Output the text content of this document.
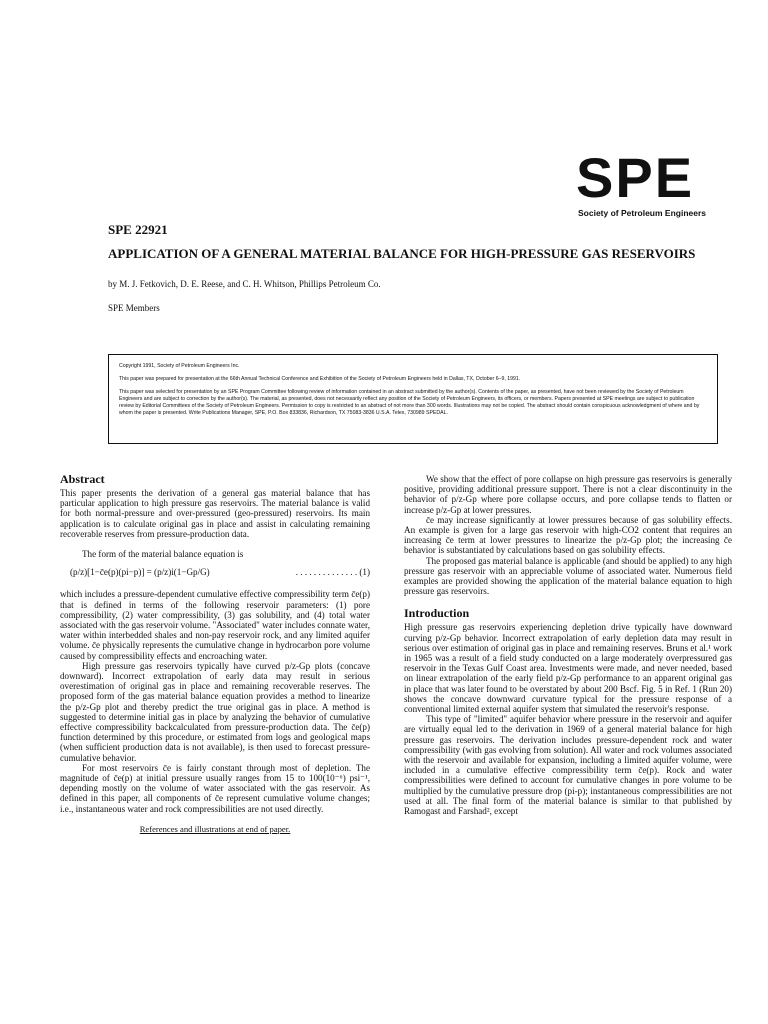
SPE
Society of Petroleum Engineers
SPE 22921
APPLICATION OF A GENERAL MATERIAL BALANCE FOR HIGH-PRESSURE GAS RESERVOIRS
by M. J. Fetkovich, D. E. Reese, and C. H. Whitson, Phillips Petroleum Co.
SPE Members

Copyright 1991, Society of Petroleum Engineers Inc.

This paper was prepared for presentation at the 66th Annual Technical Conference and Exhibition of the Society of Petroleum Engineers held in Dallas, TX, October 6–9, 1991.

This paper was selected for presentation by an SPE Program Committee following review of information contained in an abstract submitted by the author(s). Contents of the paper, as presented, have not been reviewed by the Society of Petroleum Engineers and are subject to correction by the author(s). The material, as presented, does not necessarily reflect any position of the Society of Petroleum Engineers, its officers, or members. Papers presented at SPE meetings are subject to publication review by Editorial Committees of the Society of Petroleum Engineers. Permission to copy is restricted to an abstract of not more than 300 words. Illustrations may not be copied. The abstract should contain conspicuous acknowledgment of where and by whom the paper is presented. Write Publications Manager, SPE, P.O. Box 833836, Richardson, TX 75083-3836 U.S.A. Telex, 730989 SPEDAL.

Abstract

This paper presents the derivation of a general gas material balance that has particular application to high pressure gas reservoirs. The material balance is valid for both normal-pressure and over-pressured (geo-pressured) reservoirs. Its main application is to calculate original gas in place and assist in calculating remaining recoverable reserves from pressure-production data.

The form of the material balance equation is

(p/z)[1−c̄e(p)(pi−p)] = (p/z)i(1−Gp/G)	. . . . . . . . . . . . . . (1)

which includes a pressure-dependent cumulative effective compressibility term c̄e(p) that is defined in terms of the following reservoir parameters: (1) pore compressibility, (2) water compressibility, (3) gas solubility, and (4) total water associated with the gas reservoir volume. "Associated" water includes connate water, water within interbedded shales and non-pay reservoir rock, and any limited aquifer volume. c̄e physically represents the cumulative change in hydrocarbon pore volume caused by compressibility effects and encroaching water.

High pressure gas reservoirs typically have curved p/z-Gp plots (concave downward). Incorrect extrapolation of early data may result in serious overestimation of original gas in place and remaining recoverable reserves. The proposed form of the gas material balance equation provides a method to linearize the p/z-Gp plot and thereby predict the true original gas in place. A method is suggested to determine initial gas in place by analyzing the behavior of cumulative effective compressibility backcalculated from pressure-production data. The c̄e(p) function determined by this procedure, or estimated from logs and geological maps (when sufficient production data is not available), is then used to forecast pressure-cumulative behavior.

For most reservoirs c̄e is fairly constant through most of depletion. The magnitude of c̄e(p) at initial pressure usually ranges from 15 to 100(10⁻⁶) psi⁻¹, depending mostly on the volume of water associated with the gas reservoir. As defined in this paper, all components of c̄e represent cumulative volume changes; i.e., instantaneous water and rock compressibilities are not used directly.

References and illustrations at end of paper.

We show that the effect of pore collapse on high pressure gas reservoirs is generally positive, providing additional pressure support. There is not a clear discontinuity in the behavior of p/z-Gp where pore collapse occurs, and pore collapse tends to flatten or increase p/z-Gp at lower pressures.

c̄e may increase significantly at lower pressures because of gas solubility effects. An example is given for a large gas reservoir with high-CO2 content that requires an increasing c̄e term at lower pressures to linearize the p/z-Gp plot; the increasing c̄e behavior is substantiated by calculations based on gas solubility effects.

The proposed gas material balance is applicable (and should be applied) to any high pressure gas reservoir with an appreciable volume of associated water. Numerous field examples are provided showing the application of the material balance equation to high pressure gas reservoirs.

Introduction

High pressure gas reservoirs experiencing depletion drive typically have downward curving p/z-Gp behavior. Incorrect extrapolation of early depletion data may result in serious over estimation of original gas in place and remaining reserves. Bruns et al.¹ work in 1965 was a result of a field study conducted on a large moderately overpressured gas reservoir in the Texas Gulf Coast area. Investments were made, and never needed, based on linear extrapolation of the early field p/z-Gp performance to an apparent original gas in place that was later found to be overstated by about 200 Bscf. Fig. 5 in Ref. 1 (Run 20) shows the concave downward curvature typical for the pressure response of a conventional limited external aquifer system that simulated the reservoir's response.

This type of "limited" aquifer behavior where pressure in the reservoir and aquifer are virtually equal led to the derivation in 1969 of a general material balance for high pressure gas reservoirs. The derivation includes pressure-dependent rock and water compressibility (with gas evolving from solution). All water and rock volumes associated with the reservoir and available for expansion, including a limited aquifer volume, were included in a cumulative effective compressibility term c̄e(p). Rock and water compressibilities were defined to account for cumulative changes in pore volume to be multiplied by the cumulative pressure drop (pi-p); instantaneous compressibilities are not used at all. The final form of the material balance is similar to that published by Ramogast and Farshad², except
